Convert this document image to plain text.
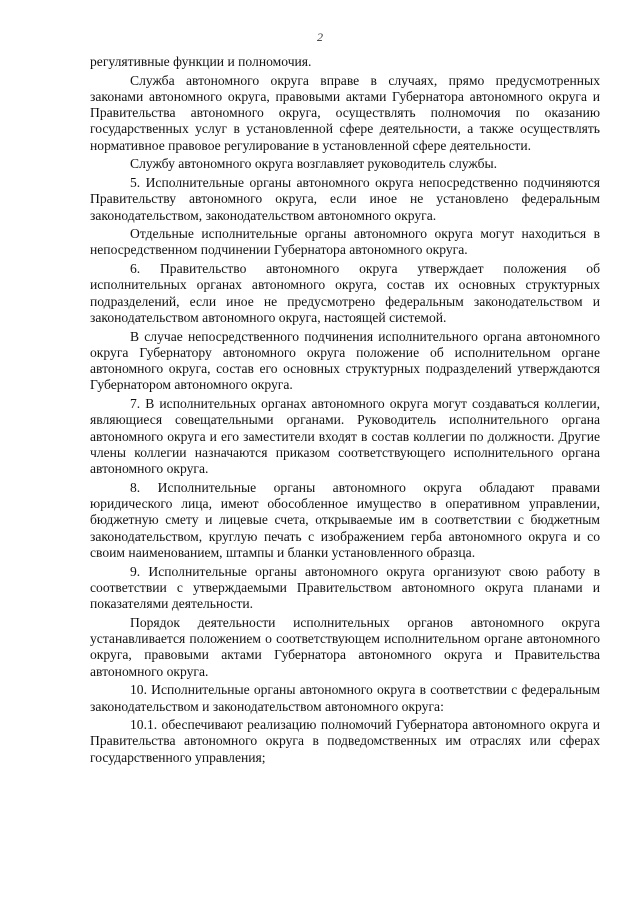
2

регулятивные функции и полномочия.

Служба автономного округа вправе в случаях, прямо предусмотренных законами автономного округа, правовыми актами Губернатора автономного округа и Правительства автономного округа, осуществлять полномочия по оказанию государственных услуг в установленной сфере деятельности, а также осуществлять нормативное правовое регулирование в установленной сфере деятельности.

Службу автономного округа возглавляет руководитель службы.

5. Исполнительные органы автономного округа непосредственно подчиняются Правительству автономного округа, если иное не установлено федеральным законодательством, законодательством автономного округа.

Отдельные исполнительные органы автономного округа могут находиться в непосредственном подчинении Губернатора автономного округа.

6. Правительство автономного округа утверждает положения об исполнительных органах автономного округа, состав их основных структурных подразделений, если иное не предусмотрено федеральным законодательством и законодательством автономного округа, настоящей системой.

В случае непосредственного подчинения исполнительного органа автономного округа Губернатору автономного округа положение об исполнительном органе автономного округа, состав его основных структурных подразделений утверждаются Губернатором автономного округа.

7. В исполнительных органах автономного округа могут создаваться коллегии, являющиеся совещательными органами. Руководитель исполнительного органа автономного округа и его заместители входят в состав коллегии по должности. Другие члены коллегии назначаются приказом соответствующего исполнительного органа автономного округа.

8. Исполнительные органы автономного округа обладают правами юридического лица, имеют обособленное имущество в оперативном управлении, бюджетную смету и лицевые счета, открываемые им в соответствии с бюджетным законодательством, круглую печать с изображением герба автономного округа и со своим наименованием, штампы и бланки установленного образца.

9. Исполнительные органы автономного округа организуют свою работу в соответствии с утверждаемыми Правительством автономного округа планами и показателями деятельности.

Порядок деятельности исполнительных органов автономного округа устанавливается положением о соответствующем исполнительном органе автономного округа, правовыми актами Губернатора автономного округа и Правительства автономного округа.

10. Исполнительные органы автономного округа в соответствии с федеральным законодательством и законодательством автономного округа:

10.1. обеспечивают реализацию полномочий Губернатора автономного округа и Правительства автономного округа в подведомственных им отраслях или сферах государственного управления;
